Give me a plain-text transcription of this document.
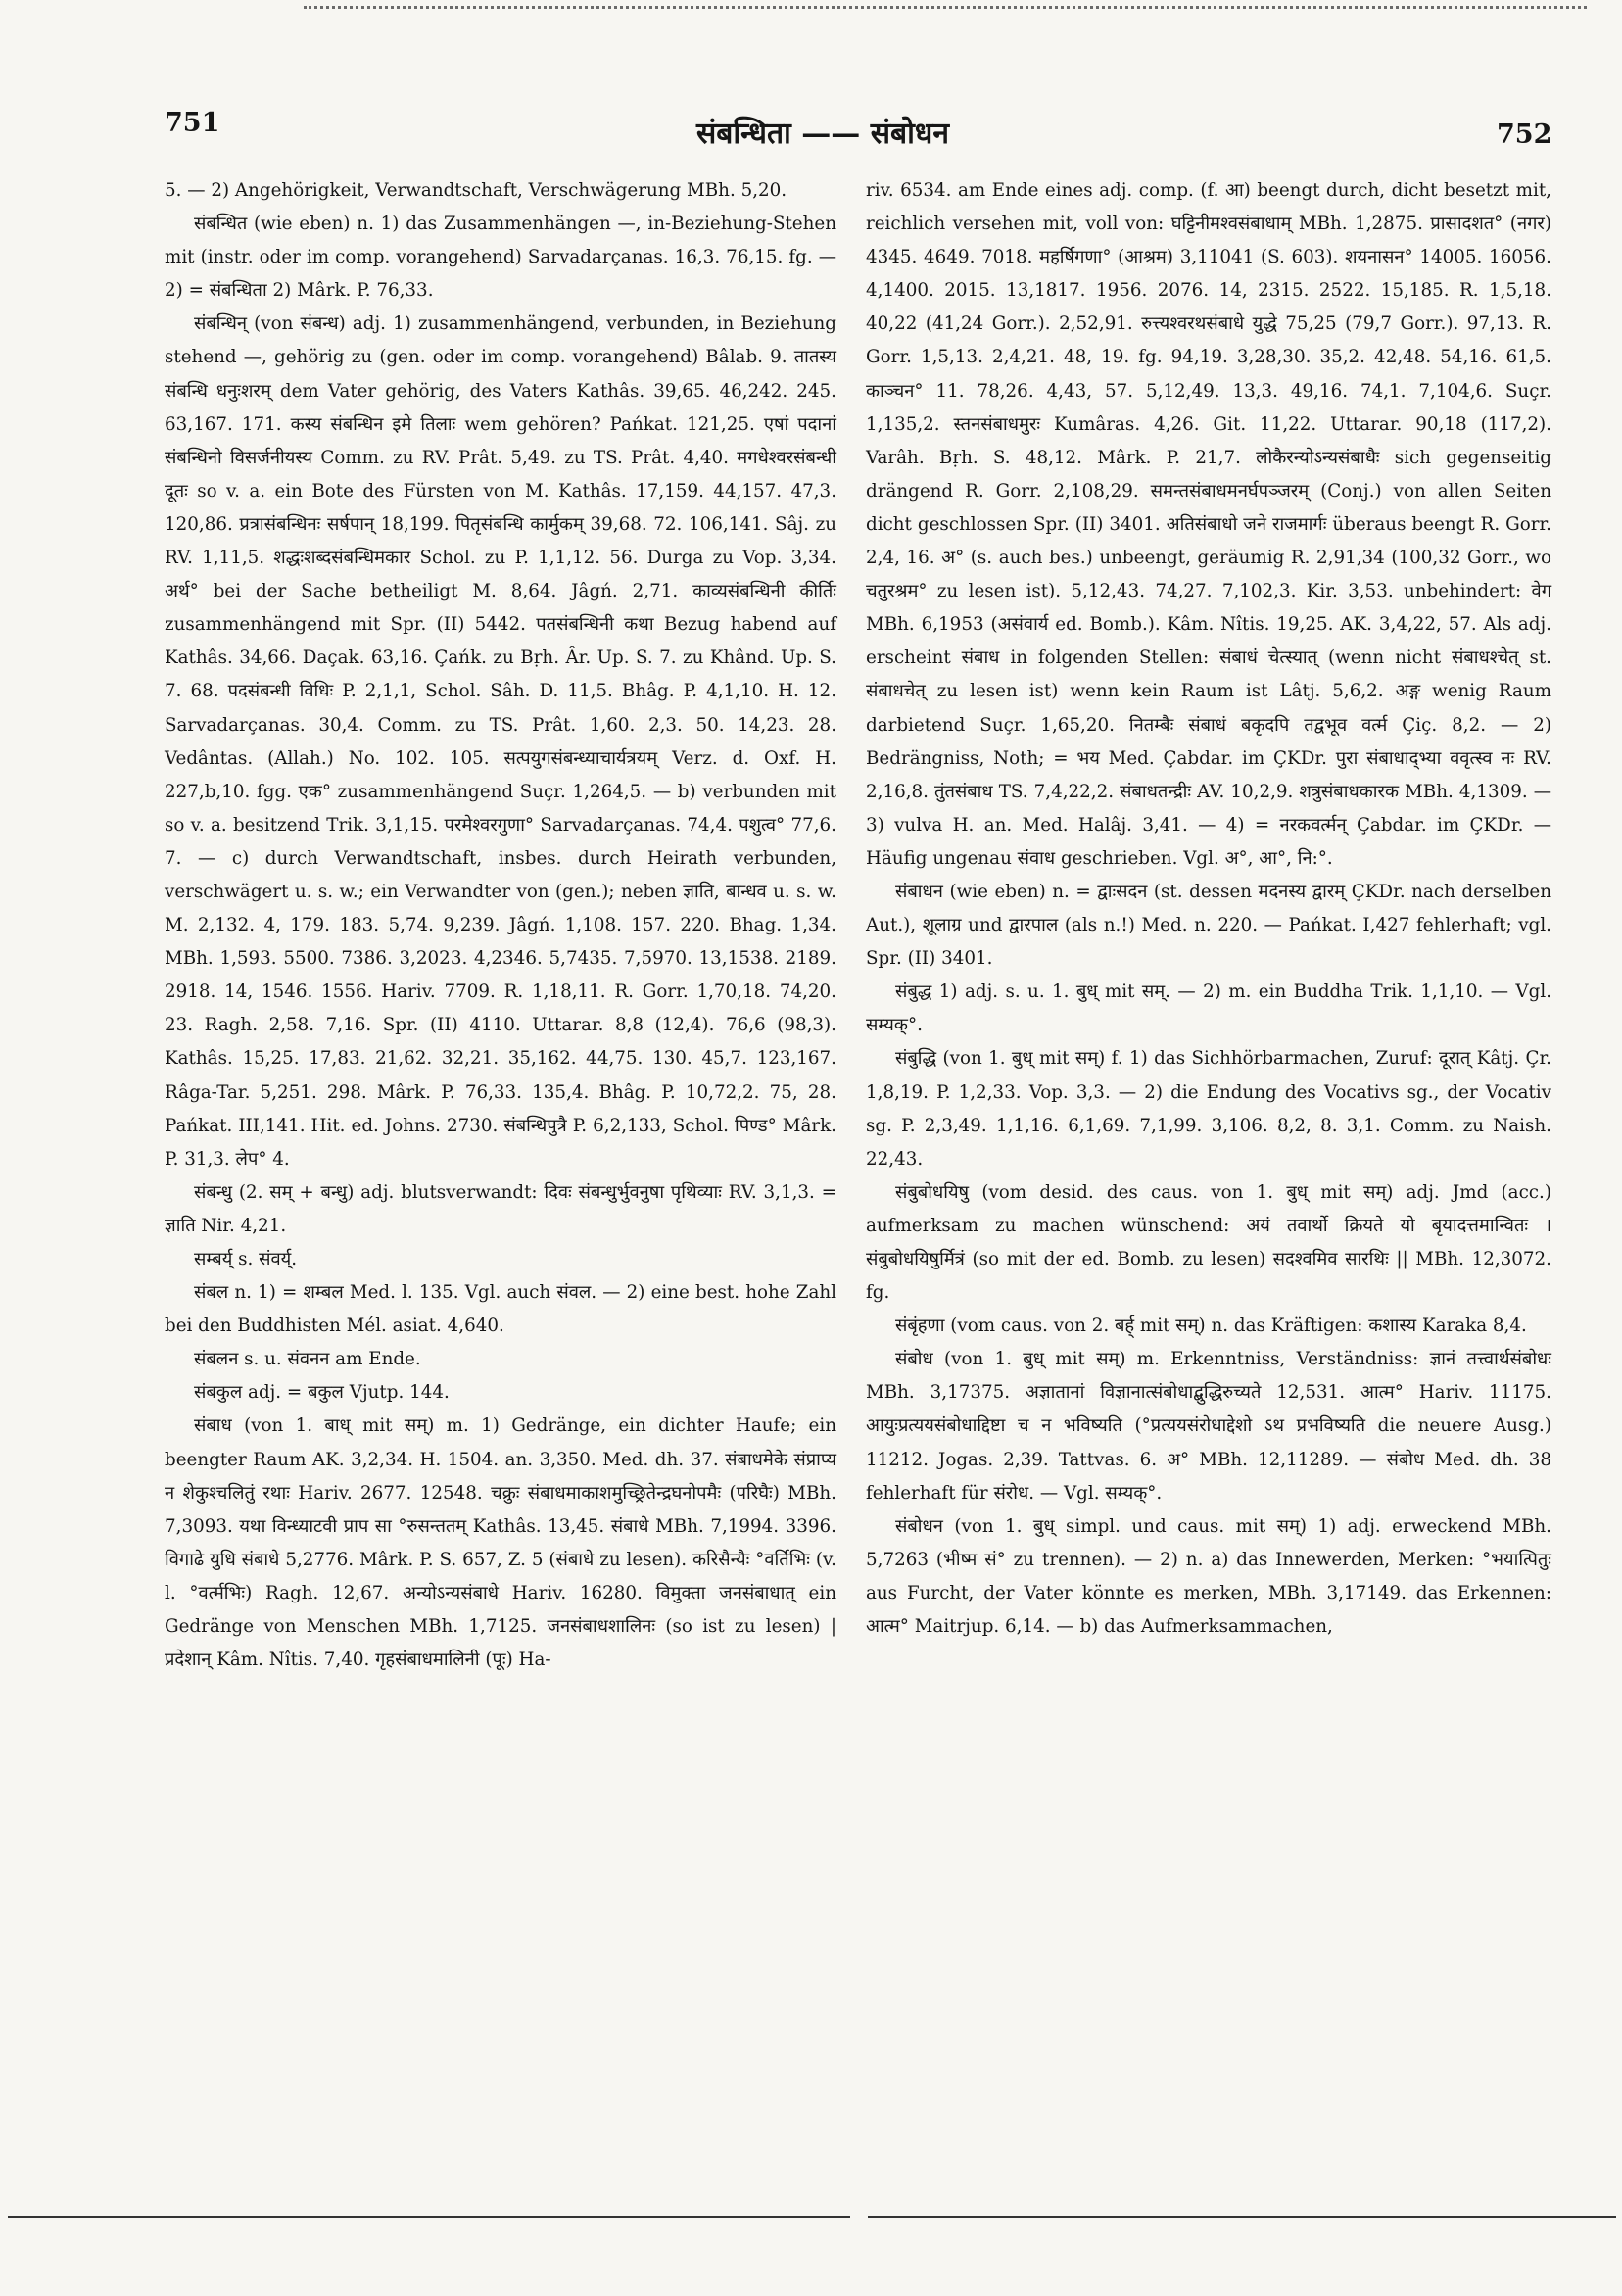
751	संबन्धिता —— संबोधन	752

5. — 2) Angehörigkeit, Verwandtschaft, Verschwägerung MBh. 5,20.

संबन्धित (wie eben) n. 1) das Zusammenhängen —, in-Beziehung-Stehen mit (instr. oder im comp. vorangehend) Sarvadarçanas. 16,3. 76,15. fg. — 2) = संबन्धिता 2) Mârk. P. 76,33.

संबन्धिन् (von संबन्ध) adj. 1) zusammenhängend, verbunden, in Beziehung stehend —, gehörig zu (gen. oder im comp. vorangehend) Bâlab. 9. तातस्य संबन्धि धनुःशरम् dem Vater gehörig, des Vaters Kathâs. 39,65. 46,242. 245. 63,167. 171. कस्य संबन्धिन इमे तिलाः wem gehören? Pańkat. 121,25. एषां पदानां संबन्धिनो विसर्जनीयस्य Comm. zu RV. Prât. 5,49. zu TS. Prât. 4,40. मगधेश्वरसंबन्धी दूतः so v. a. ein Bote des Fürsten von M. Kathâs. 17,159. 44,157. 47,3. 120,86. प्रत्रासंबन्धिनः सर्षपान् 18,199. पितृसंबन्धि कार्मुकम् 39,68. 72. 106,141. Sâj. zu RV. 1,11,5. शद्धःशब्दसंबन्धिमकार Schol. zu P. 1,1,12. 56. Durga zu Vop. 3,34. अर्थ° bei der Sache betheiligt M. 8,64. Jâgń. 2,71. काव्यसंबन्धिनी कीर्तिः zusammenhängend mit Spr. (II) 5442. पतसंबन्धिनी कथा Bezug habend auf Kathâs. 34,66. Daçak. 63,16. Çańk. zu Bṛh. Âr. Up. S. 7. zu Khând. Up. S. 7. 68. पदसंबन्धी विधिः P. 2,1,1, Schol. Sâh. D. 11,5. Bhâg. P. 4,1,10. H. 12. Sarvadarçanas. 30,4. Comm. zu TS. Prât. 1,60. 2,3. 50. 14,23. 28. Vedântas. (Allah.) No. 102. 105. सत्पयुगसंबन्ध्याचार्यत्रयम् Verz. d. Oxf. H. 227,b,10. fgg. एक° zusammenhängend Suçr. 1,264,5. — b) verbunden mit so v. a. besitzend Trik. 3,1,15. परमेश्वरगुणा° Sarvadarçanas. 74,4. पशुत्व° 77,6. 7. — c) durch Verwandtschaft, insbes. durch Heirath verbunden, verschwägert u. s. w.; ein Verwandter von (gen.); neben ज्ञाति, बान्धव u. s. w. M. 2,132. 4, 179. 183. 5,74. 9,239. Jâgń. 1,108. 157. 220. Bhag. 1,34. MBh. 1,593. 5500. 7386. 3,2023. 4,2346. 5,7435. 7,5970. 13,1538. 2189. 2918. 14, 1546. 1556. Hariv. 7709. R. 1,18,11. R. Gorr. 1,70,18. 74,20. 23. Ragh. 2,58. 7,16. Spr. (II) 4110. Uttarar. 8,8 (12,4). 76,6 (98,3). Kathâs. 15,25. 17,83. 21,62. 32,21. 35,162. 44,75. 130. 45,7. 123,167. Râga-Tar. 5,251. 298. Mârk. P. 76,33. 135,4. Bhâg. P. 10,72,2. 75, 28. Pańkat. III,141. Hit. ed. Johns. 2730. संबन्धिपुत्रै P. 6,2,133, Schol. पिण्ड° Mârk. P. 31,3. लेप° 4.

संबन्धु (2. सम् + बन्धु) adj. blutsverwandt: दिवः संबन्धुर्भुवनुषा पृथिव्याः RV. 3,1,3. = ज्ञाति Nir. 4,21.

सम्बर्य् s. संवर्य्.

संबल n. 1) = शम्बल Med. l. 135. Vgl. auch संवल. — 2) eine best. hohe Zahl bei den Buddhisten Mél. asiat. 4,640.

संबलन s. u. संवनन am Ende.

संबकुल adj. = बकुल Vjutp. 144.

संबाध (von 1. बाध् mit सम्) m. 1) Gedränge, ein dichter Haufe; ein beengter Raum AK. 3,2,34. H. 1504. an. 3,350. Med. dh. 37. संबाधमेके संप्राप्य न शेकुश्चलितुं रथाः Hariv. 2677. 12548. चक्रुः संबाधमाकाशमुच्छ्रितेन्द्रघनोपमैः (परिघैः) MBh. 7,3093. यथा विन्ध्याटवी प्राप सा °रुसन्ततम् Kathâs. 13,45. संबाधे MBh. 7,1994. 3396. विगाढे युधि संबाधे 5,2776. Mârk. P. S. 657, Z. 5 (संबाधे zu lesen). करिसैन्यैः °वर्तिभिः (v. l. °वर्त्मभिः) Ragh. 12,67. अन्योऽन्यसंबाधे Hariv. 16280. विमुक्ता जनसंबाधात् ein Gedränge von Menschen MBh. 1,7125. जनसंबाधशालिनः (so ist zu lesen) | प्रदेशान् Kâm. Nîtis. 7,40. गृहसंबाधमालिनी (पूः) Ha-

riv. 6534. am Ende eines adj. comp. (f. आ) beengt durch, dicht besetzt mit, reichlich versehen mit, voll von: घट्टिनीमश्वसंबाधाम् MBh. 1,2875. प्रासादशत° (नगर) 4345. 4649. 7018. महर्षिगणा° (आश्रम) 3,11041 (S. 603). शयनासन° 14005. 16056. 4,1400. 2015. 13,1817. 1956. 2076. 14, 2315. 2522. 15,185. R. 1,5,18. 40,22 (41,24 Gorr.). 2,52,91. रुत्त्यश्वरथसंबाधे युद्धे 75,25 (79,7 Gorr.). 97,13. R. Gorr. 1,5,13. 2,4,21. 48, 19. fg. 94,19. 3,28,30. 35,2. 42,48. 54,16. 61,5. काञ्चन° 11. 78,26. 4,43, 57. 5,12,49. 13,3. 49,16. 74,1. 7,104,6. Suçr. 1,135,2. स्तनसंबाधमुरः Kumâras. 4,26. Git. 11,22. Uttarar. 90,18 (117,2). Varâh. Bṛh. S. 48,12. Mârk. P. 21,7. लोकैरन्योऽन्यसंबाधैः sich gegenseitig drängend R. Gorr. 2,108,29. समन्तसंबाधमनर्घपञ्जरम् (Conj.) von allen Seiten dicht geschlossen Spr. (II) 3401. अतिसंबाधो जने राजमार्गः überaus beengt R. Gorr. 2,4, 16. अ° (s. auch bes.) unbeengt, geräumig R. 2,91,34 (100,32 Gorr., wo चतुरश्रम° zu lesen ist). 5,12,43. 74,27. 7,102,3. Kir. 3,53. unbehindert: वेग MBh. 6,1953 (असंवार्य ed. Bomb.). Kâm. Nîtis. 19,25. AK. 3,4,22, 57. Als adj. erscheint संबाध in folgenden Stellen: संबाधं चेत्स्यात् (wenn nicht संबाधश्चेत् st. संबाधचेत् zu lesen ist) wenn kein Raum ist Lâtj. 5,6,2. अङ्ग wenig Raum darbietend Suçr. 1,65,20. नितम्बैः संबाधं बकृदपि तद्वभूव वर्त्म Çiç. 8,2. — 2) Bedrängniss, Noth; = भय Med. Çabdar. im ÇKDr. पुरा संबाधाद्भ्या ववृत्स्व नः RV. 2,16,8. तुंतसंबाध TS. 7,4,22,2. संबाधतन्द्रीः AV. 10,2,9. शत्रुसंबाधकारक MBh. 4,1309. — 3) vulva H. an. Med. Halâj. 3,41. — 4) = नरकवर्त्मन् Çabdar. im ÇKDr. — Häufig ungenau संवाध geschrieben. Vgl. अ°, आ°, नि:°.

संबाधन (wie eben) n. = द्वाःसदन (st. dessen मदनस्य द्वारम् ÇKDr. nach derselben Aut.), शूलाग्र und द्वारपाल (als n.!) Med. n. 220. — Pańkat. I,427 fehlerhaft; vgl. Spr. (II) 3401.

संबुद्ध 1) adj. s. u. 1. बुध् mit सम्. — 2) m. ein Buddha Trik. 1,1,10. — Vgl. सम्यक्°.

संबुद्धि (von 1. बुध् mit सम्) f. 1) das Sichhörbarmachen, Zuruf: दूरात् Kâtj. Çr. 1,8,19. P. 1,2,33. Vop. 3,3. — 2) die Endung des Vocativs sg., der Vocativ sg. P. 2,3,49. 1,1,16. 6,1,69. 7,1,99. 3,106. 8,2, 8. 3,1. Comm. zu Naish. 22,43.

संबुबोधयिषु (vom desid. des caus. von 1. बुध् mit सम्) adj. Jmd (acc.) aufmerksam zu machen wünschend: अयं तवार्थो क्रियते यो बृयादत्तमान्वितः । संबुबोधयिषुर्मित्रं (so mit der ed. Bomb. zu lesen) सदश्वमिव सारथिः || MBh. 12,3072. fg.

संबृंहणा (vom caus. von 2. बर्ह् mit सम्) n. das Kräftigen: कशास्य Karaka 8,4.

संबोध (von 1. बुध् mit सम्) m. Erkenntniss, Verständniss: ज्ञानं तत्त्वार्थसंबोधः MBh. 3,17375. अज्ञातानां विज्ञानात्संबोधाद्बुद्धिरुच्यते 12,531. आत्म° Hariv. 11175. आयुःप्रत्ययसंबोधाद्दिष्टा च न भविष्यति (°प्रत्ययसंरोधाद्देशो ऽथ प्रभविष्यति die neuere Ausg.) 11212. Jogas. 2,39. Tattvas. 6. अ° MBh. 12,11289. — संबोध Med. dh. 38 fehlerhaft für संरोध. — Vgl. सम्यक्°.

संबोधन (von 1. बुध् simpl. und caus. mit सम्) 1) adj. erweckend MBh. 5,7263 (भीष्म सं° zu trennen). — 2) n. a) das Innewerden, Merken: °भयात्पितुः aus Furcht, der Vater könnte es merken, MBh. 3,17149. das Erkennen: आत्म° Maitrjup. 6,14. — b) das Aufmerksammachen,
